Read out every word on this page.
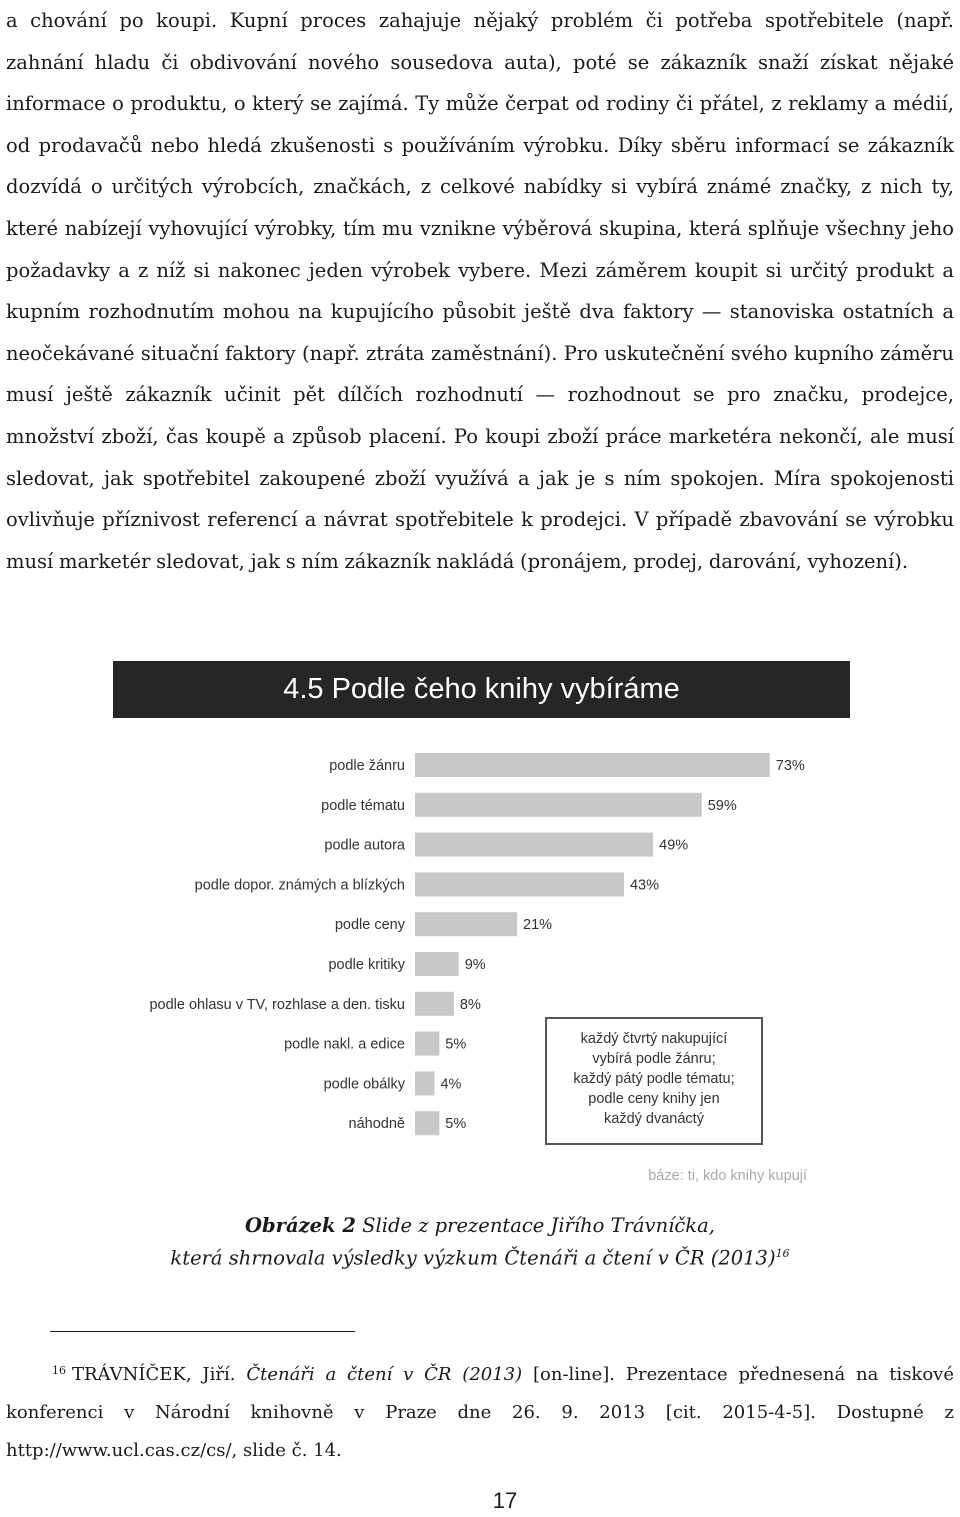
a chování po koupi. Kupní proces zahajuje nějaký problém či potřeba spotřebitele (např. zahnání hladu či obdivování nového sousedova auta), poté se zákazník snaží získat nějaké informace o produktu, o který se zajímá. Ty může čerpat od rodiny či přátel, z reklamy a médií, od prodavačů nebo hledá zkušenosti s používáním výrobku. Díky sběru informací se zákazník dozvídá o určitých výrobcích, značkách, z celkové nabídky si vybírá známé značky, z nich ty, které nabízejí vyhovující výrobky, tím mu vznikne výběrová skupina, která splňuje všechny jeho požadavky a z níž si nakonec jeden výrobek vybere. Mezi záměrem koupit si určitý produkt a kupním rozhodnutím mohou na kupujícího působit ještě dva faktory — stanoviska ostatních a neočekávané situační faktory (např. ztráta zaměstnání). Pro uskutečnění svého kupního záměru musí ještě zákazník učinit pět dílčích rozhodnutí — rozhodnout se pro značku, prodejce, množství zboží, čas koupě a způsob placení. Po koupi zboží práce marketéra nekončí, ale musí sledovat, jak spotřebitel zakoupené zboží využívá a jak je s ním spokojen. Míra spokojenosti ovlivňuje příznivost referencí a návrat spotřebitele k prodejci. V případě zbavování se výrobku musí marketér sledovat, jak s ním zákazník nakládá (pronájem, prodej, darování, vyhození).

4.5 Podle čeho knihy vybíráme
podle žánru	73%
podle tématu	59%
podle autora	49%
podle dopor. známých a blízkých	43%
podle ceny	21%
podle kritiky	9%
podle ohlasu v TV, rozhlase a den. tisku	8%
podle nakl. a edice	5%
podle obálky 4%
náhodně	5%
každý čtvrtý nakupující
vybírá podle žánru;
každý pátý podle tématu;
podle ceny knihy jen
každý dvanáctý
báze: ti, kdo knihy kupují
Obrázek 2 Slide z prezentace Jiřího Trávníčka,
která shrnovala výsledky výzkum Čtenáři a čtení v ČR $(2013)^{16}$

$^{16}$ TRÁVNÍČEK, Jiří. Čtenáři a čtení v ČR (2013) [on-line]. Prezentace přednesená na tiskové konferenci v Národní knihovně v Praze dne 26. 9. 2013 [cit. 2015-4-5]. Dostupné z http://www.ucl.cas.cz/cs/, slide č. 14.

17
